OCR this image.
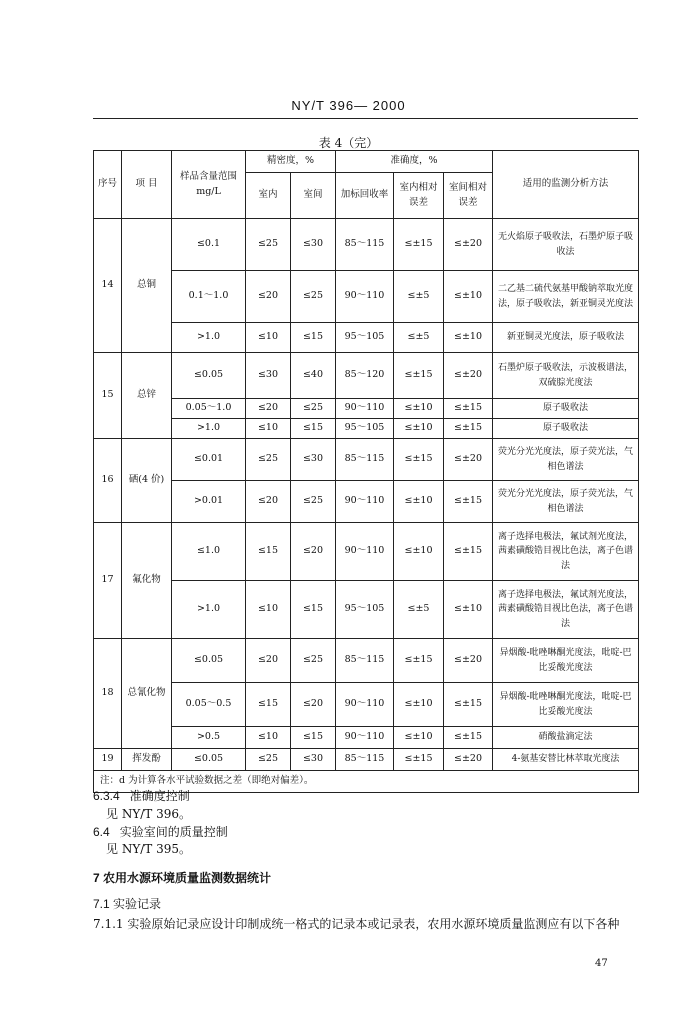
NY/T 396— 2000
表 4（完）
序号	项 目	样品含量范围 mg/L	精密度，%		准确度，%			适用的监测分析方法
			室内	室间	加标回收率	室内相对误差	室间相对误差	
14	总铜	≤0.1	≤25	≤30	85～115	≤±15	≤±20	无火焰原子吸收法，石墨炉原子吸收法
		0.1～1.0	≤20	≤25	90～110	≤±5	≤±10	二乙基二硫代氨基甲酸钠萃取光度法，原子吸收法，新亚铜灵光度法
		>1.0	≤10	≤15	95～105	≤±5	≤±10	新亚铜灵光度法，原子吸收法
15	总锌	≤0.05	≤30	≤40	85～120	≤±15	≤±20	石墨炉原子吸收法，示波极谱法，双硫腙光度法
		0.05～1.0	≤20	≤25	90～110	≤±10	≤±15	原子吸收法
		>1.0	≤10	≤15	95～105	≤±10	≤±15	原子吸收法
16	硒(4 价)	≤0.01	≤25	≤30	85～115	≤±15	≤±20	荧光分光光度法，原子荧光法，气相色谱法
		>0.01	≤20	≤25	90～110	≤±10	≤±15	荧光分光光度法，原子荧光法，气相色谱法
17	氟化物	≤1.0	≤15	≤20	90～110	≤±10	≤±15	离子选择电极法，氟试剂光度法，茜素磺酸锆目视比色法，离子色谱法
		>1.0	≤10	≤15	95～105	≤±5	≤±10	离子选择电极法，氟试剂光度法，茜素磺酸锆目视比色法，离子色谱法
18	总氰化物	≤0.05	≤20	≤25	85～115	≤±15	≤±20	异烟酸-吡唑啉酮光度法，吡啶-巴比妥酸光度法
		0.05～0.5	≤15	≤20	90～110	≤±10	≤±15	异烟酸-吡唑啉酮光度法，吡啶-巴比妥酸光度法
		>0.5	≤10	≤15	90～110	≤±10	≤±15	硝酸盐滴定法
19	挥发酚	≤0.05	≤25	≤30	85～115	≤±15	≤±20	4-氨基安替比林萃取光度法
注：d 为计算各水平试验数据之差（即绝对偏差）。								
6.3.4 准确度控制
见 NY/T 396。
6.4 实验室间的质量控制
见 NY/T 395。
7 农用水源环境质量监测数据统计
7.1 实验记录
7.1.1 实验原始记录应设计印制成统一格式的记录本或记录表，农用水源环境质量监测应有以下各种
47
